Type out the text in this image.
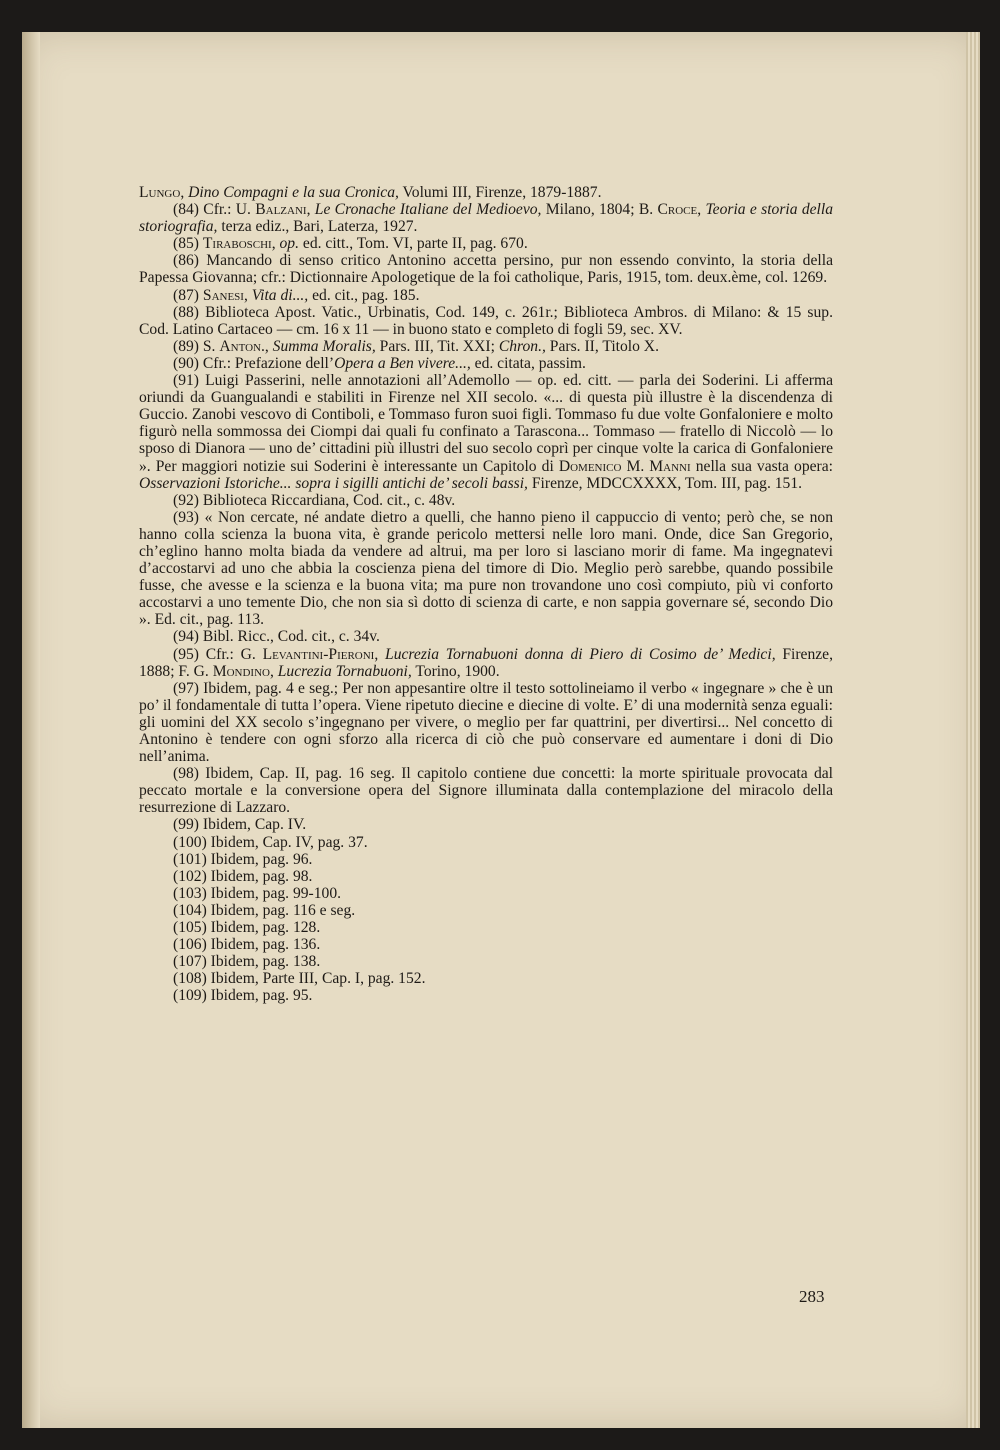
Lungo, Dino Compagni e la sua Cronica, Volumi III, Firenze, 1879-1887.

(84) Cfr.: U. Balzani, Le Cronache Italiane del Medioevo, Milano, 1804; B. Croce, Teoria e storia della storiografia, terza ediz., Bari, Laterza, 1927.

(85) Tiraboschi, op. ed. citt., Tom. VI, parte II, pag. 670.

(86) Mancando di senso critico Antonino accetta persino, pur non essendo convinto, la storia della Papessa Giovanna; cfr.: Dictionnaire Apologetique de la foi catholique, Paris, 1915, tom. deux.ème, col. 1269.

(87) Sanesi, Vita di..., ed. cit., pag. 185.

(88) Biblioteca Apost. Vatic., Urbinatis, Cod. 149, c. 261r.; Biblioteca Ambros. di Milano: & 15 sup. Cod. Latino Cartaceo — cm. 16 x 11 — in buono stato e completo di fogli 59, sec. XV.

(89) S. Anton., Summa Moralis, Pars. III, Tit. XXI; Chron., Pars. II, Titolo X.

(90) Cfr.: Prefazione dell’Opera a Ben vivere..., ed. citata, passim.

(91) Luigi Passerini, nelle annotazioni all’Ademollo — op. ed. citt. — parla dei Soderini. Li afferma oriundi da Guangualandi e stabiliti in Firenze nel XII secolo. «... di questa più illustre è la discendenza di Guccio. Zanobi vescovo di Contiboli, e Tommaso furon suoi figli. Tommaso fu due volte Gonfaloniere e molto figurò nella sommossa dei Ciompi dai quali fu confinato a Tarascona... Tommaso — fratello di Niccolò — lo sposo di Dianora — uno de’ cittadini più illustri del suo secolo coprì per cinque volte la carica di Gonfaloniere ». Per maggiori notizie sui Soderini è interessante un Capitolo di Domenico M. Manni nella sua vasta opera: Osservazioni Istoriche... sopra i sigilli antichi de’ secoli bassi, Firenze, MDCCXXXX, Tom. III, pag. 151.

(92) Biblioteca Riccardiana, Cod. cit., c. 48v.

(93) « Non cercate, né andate dietro a quelli, che hanno pieno il cappuccio di vento; però che, se non hanno colla scienza la buona vita, è grande pericolo mettersi nelle loro mani. Onde, dice San Gregorio, ch’eglino hanno molta biada da vendere ad altrui, ma per loro si lasciano morir di fame. Ma ingegnatevi d’accostarvi ad uno che abbia la coscienza piena del timore di Dio. Meglio però sarebbe, quando possibile fusse, che avesse e la scienza e la buona vita; ma pure non trovandone uno così compiuto, più vi conforto accostarvi a uno temente Dio, che non sia sì dotto di scienza di carte, e non sappia governare sé, secondo Dio ». Ed. cit., pag. 113.

(94) Bibl. Ricc., Cod. cit., c. 34v.

(95) Cfr.: G. Levantini-Pieroni, Lucrezia Tornabuoni donna di Piero di Cosimo de’ Medici, Firenze, 1888; F. G. Mondino, Lucrezia Tornabuoni, Torino, 1900.

(97) Ibidem, pag. 4 e seg.; Per non appesantire oltre il testo sottolineiamo il verbo « ingegnare » che è un po’ il fondamentale di tutta l’opera. Viene ripetuto diecine e diecine di volte. E’ di una modernità senza eguali: gli uomini del XX secolo s’ingegnano per vivere, o meglio per far quattrini, per divertirsi... Nel concetto di Antonino è tendere con ogni sforzo alla ricerca di ciò che può conservare ed aumentare i doni di Dio nell’anima.

(98) Ibidem, Cap. II, pag. 16 seg. Il capitolo contiene due concetti: la morte spirituale provocata dal peccato mortale e la conversione opera del Signore illuminata dalla contemplazione del miracolo della resurrezione di Lazzaro.

(99) Ibidem, Cap. IV.

(100) Ibidem, Cap. IV, pag. 37.

(101) Ibidem, pag. 96.

(102) Ibidem, pag. 98.

(103) Ibidem, pag. 99-100.

(104) Ibidem, pag. 116 e seg.

(105) Ibidem, pag. 128.

(106) Ibidem, pag. 136.

(107) Ibidem, pag. 138.

(108) Ibidem, Parte III, Cap. I, pag. 152.

(109) Ibidem, pag. 95.

283
